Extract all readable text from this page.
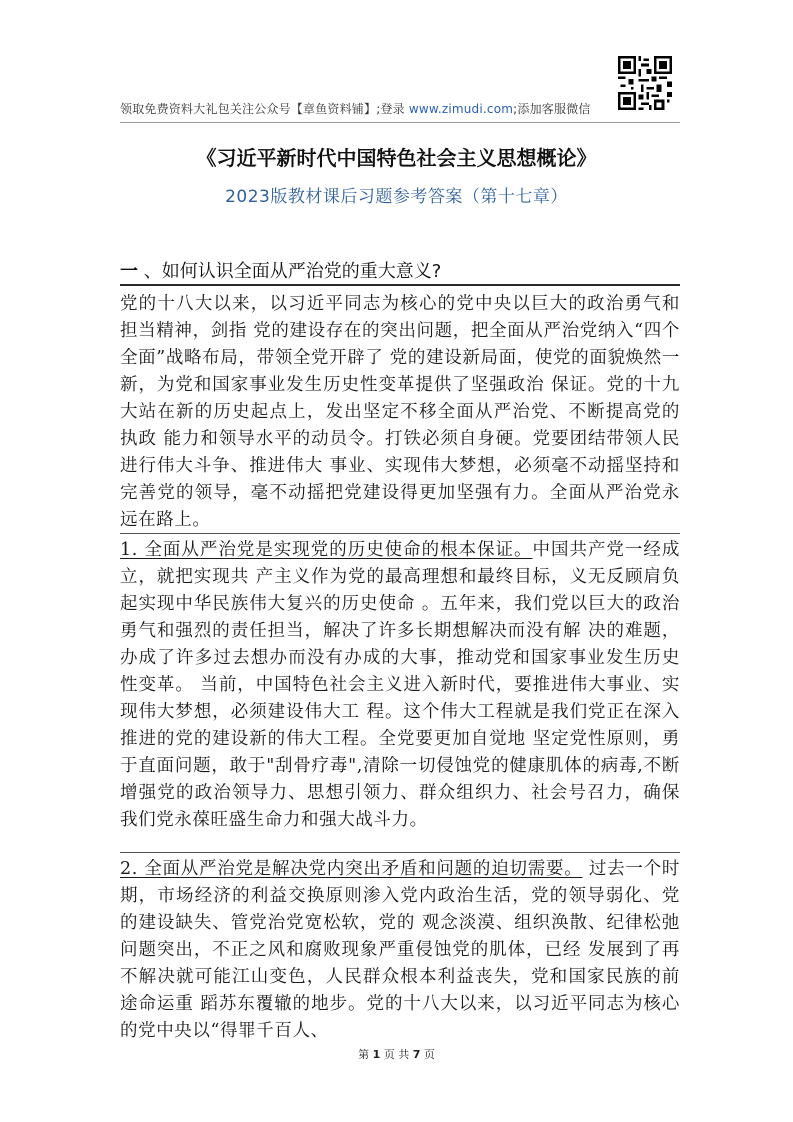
领取免费资料大礼包关注公众号【章鱼资料铺】;登录 www.zimudi.com;添加客服微信
《习近平新时代中国特色社会主义思想概论》
2023版教材课后习题参考答案（第十七章）
一 、如何认识全面从严治党的重大意义?

党的十八大以来，以习近平同志为核心的党中央以巨大的政治勇气和担当精神，剑指 党的建设存在的突出问题，把全面从严治党纳入“四个全面”战略布局，带领全党开辟了 党的建设新局面，使党的面貌焕然一新，为党和国家事业发生历史性变革提供了坚强政治 保证。党的十九大站在新的历史起点上，发出坚定不移全面从严治党、不断提高党的执政 能力和领导水平的动员令。打铁必须自身硬。党要团结带领人民进行伟大斗争、推进伟大 事业、实现伟大梦想，必须毫不动摇坚持和完善党的领导，毫不动摇把党建设得更加坚强有力。全面从严治党永远在路上。

1. 全面从严治党是实现党的历史使命的根本保证。中国共产党一经成立，就把实现共 产主义作为党的最高理想和最终目标，义无反顾肩负起实现中华民族伟大复兴的历史使命 。五年来，我们党以巨大的政治勇气和强烈的责任担当，解决了许多长期想解决而没有解 决的难题，办成了许多过去想办而没有办成的大事，推动党和国家事业发生历史性变革。 当前，中国特色社会主义进入新时代，要推进伟大事业、实现伟大梦想，必须建设伟大工 程。这个伟大工程就是我们党正在深入推进的党的建设新的伟大工程。全党要更加自觉地 坚定党性原则，勇于直面问题，敢于"刮骨疗毒",清除一切侵蚀党的健康肌体的病毒,不断 增强党的政治领导力、思想引领力、群众组织力、社会号召力，确保我们党永葆旺盛生命力和强大战斗力。

2. 全面从严治党是解决党内突出矛盾和问题的迫切需要。 过去一个时期，市场经济的利益交换原则渗入党内政治生活，党的领导弱化、党的建设缺失、管党治党宽松软，党的 观念淡漠、组织涣散、纪律松弛问题突出，不正之风和腐败现象严重侵蚀党的肌体，已经 发展到了再不解决就可能江山变色，人民群众根本利益丧失，党和国家民族的前途命运重 蹈苏东覆辙的地步。党的十八大以来，以习近平同志为核心的党中央以“得罪千百人、

第 1 页 共 7 页
